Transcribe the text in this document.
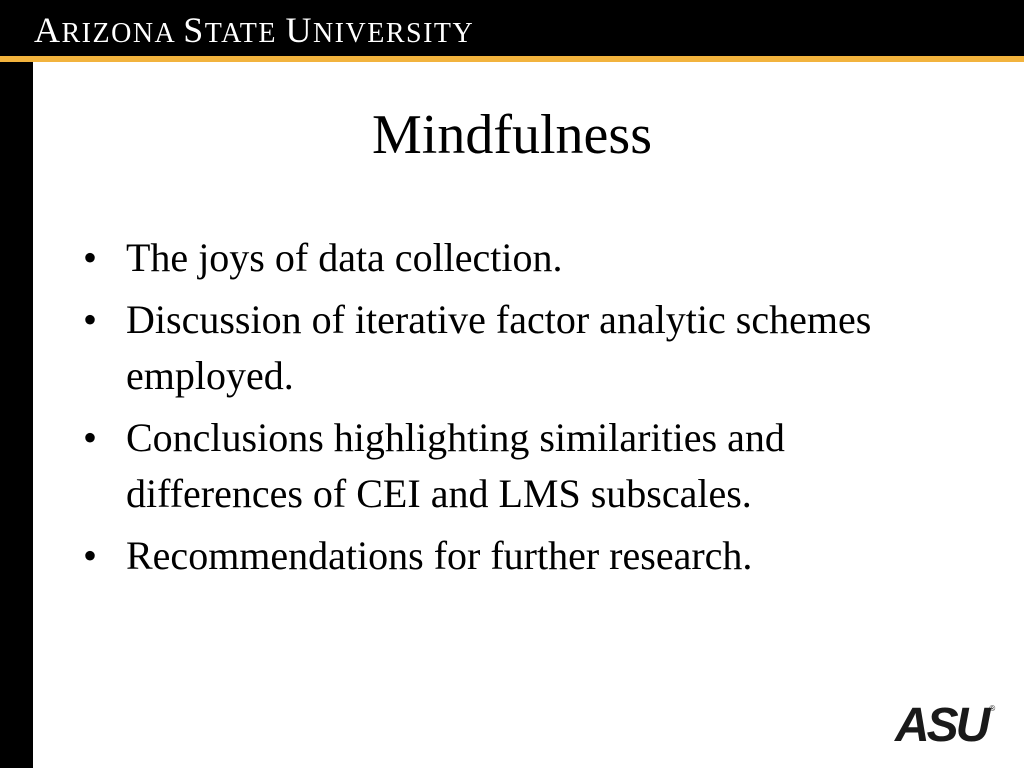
ARIZONA STATE UNIVERSITY
Mindfulness
• The joys of data collection.
• Discussion of iterative factor analytic schemes employed.
• Conclusions highlighting similarities and differences of CEI and LMS subscales.
• Recommendations for further research.
ASU ®
